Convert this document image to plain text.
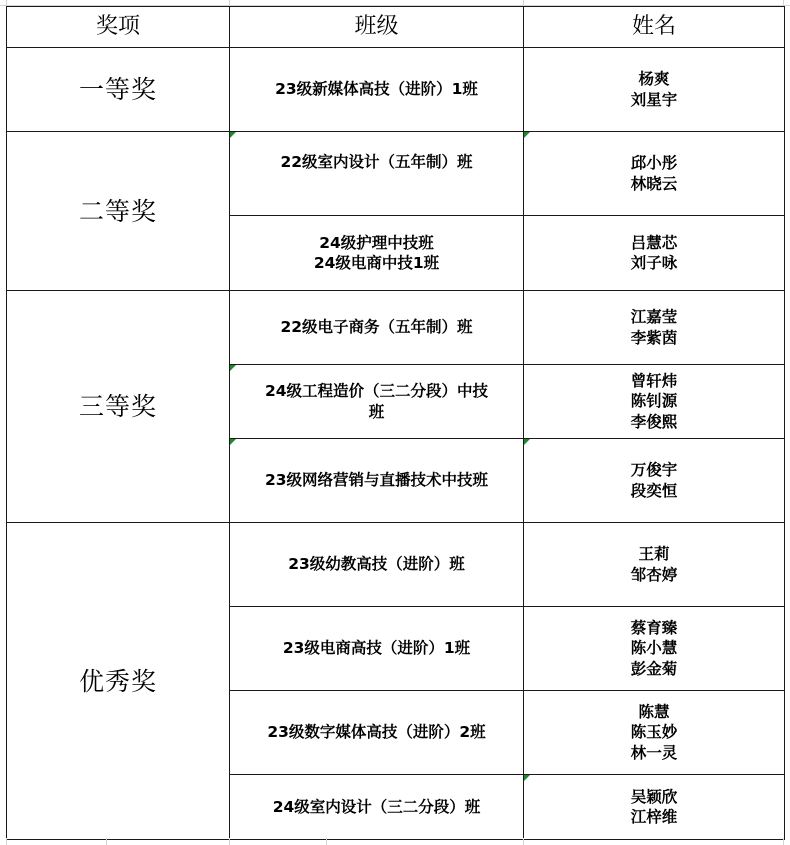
奖项	班级	姓名
一等奖	23级新媒体高技（进阶）1班	杨爽
刘星宇

二等奖	22级室内设计（五年制）班	邱小彤
林晓云

	24级护理中技班
24级电商中技1班	吕慧芯
刘子咏

三等奖	22级电子商务（五年制）班	江嘉莹
李紫茵

	24级工程造价（三二分段）中技
班	曾轩炜
陈钊源
李俊熙

	23级网络营销与直播技术中技班	万俊宇
段奕恒

优秀奖	23级幼教高技（进阶）班	王莉
邹杏婷

	23级电商高技（进阶）1班	蔡育臻
陈小慧
彭金菊

	23级数字媒体高技（进阶）2班	陈慧
陈玉妙
林一灵

	24级室内设计（三二分段）班	吴颖欣
江梓维
